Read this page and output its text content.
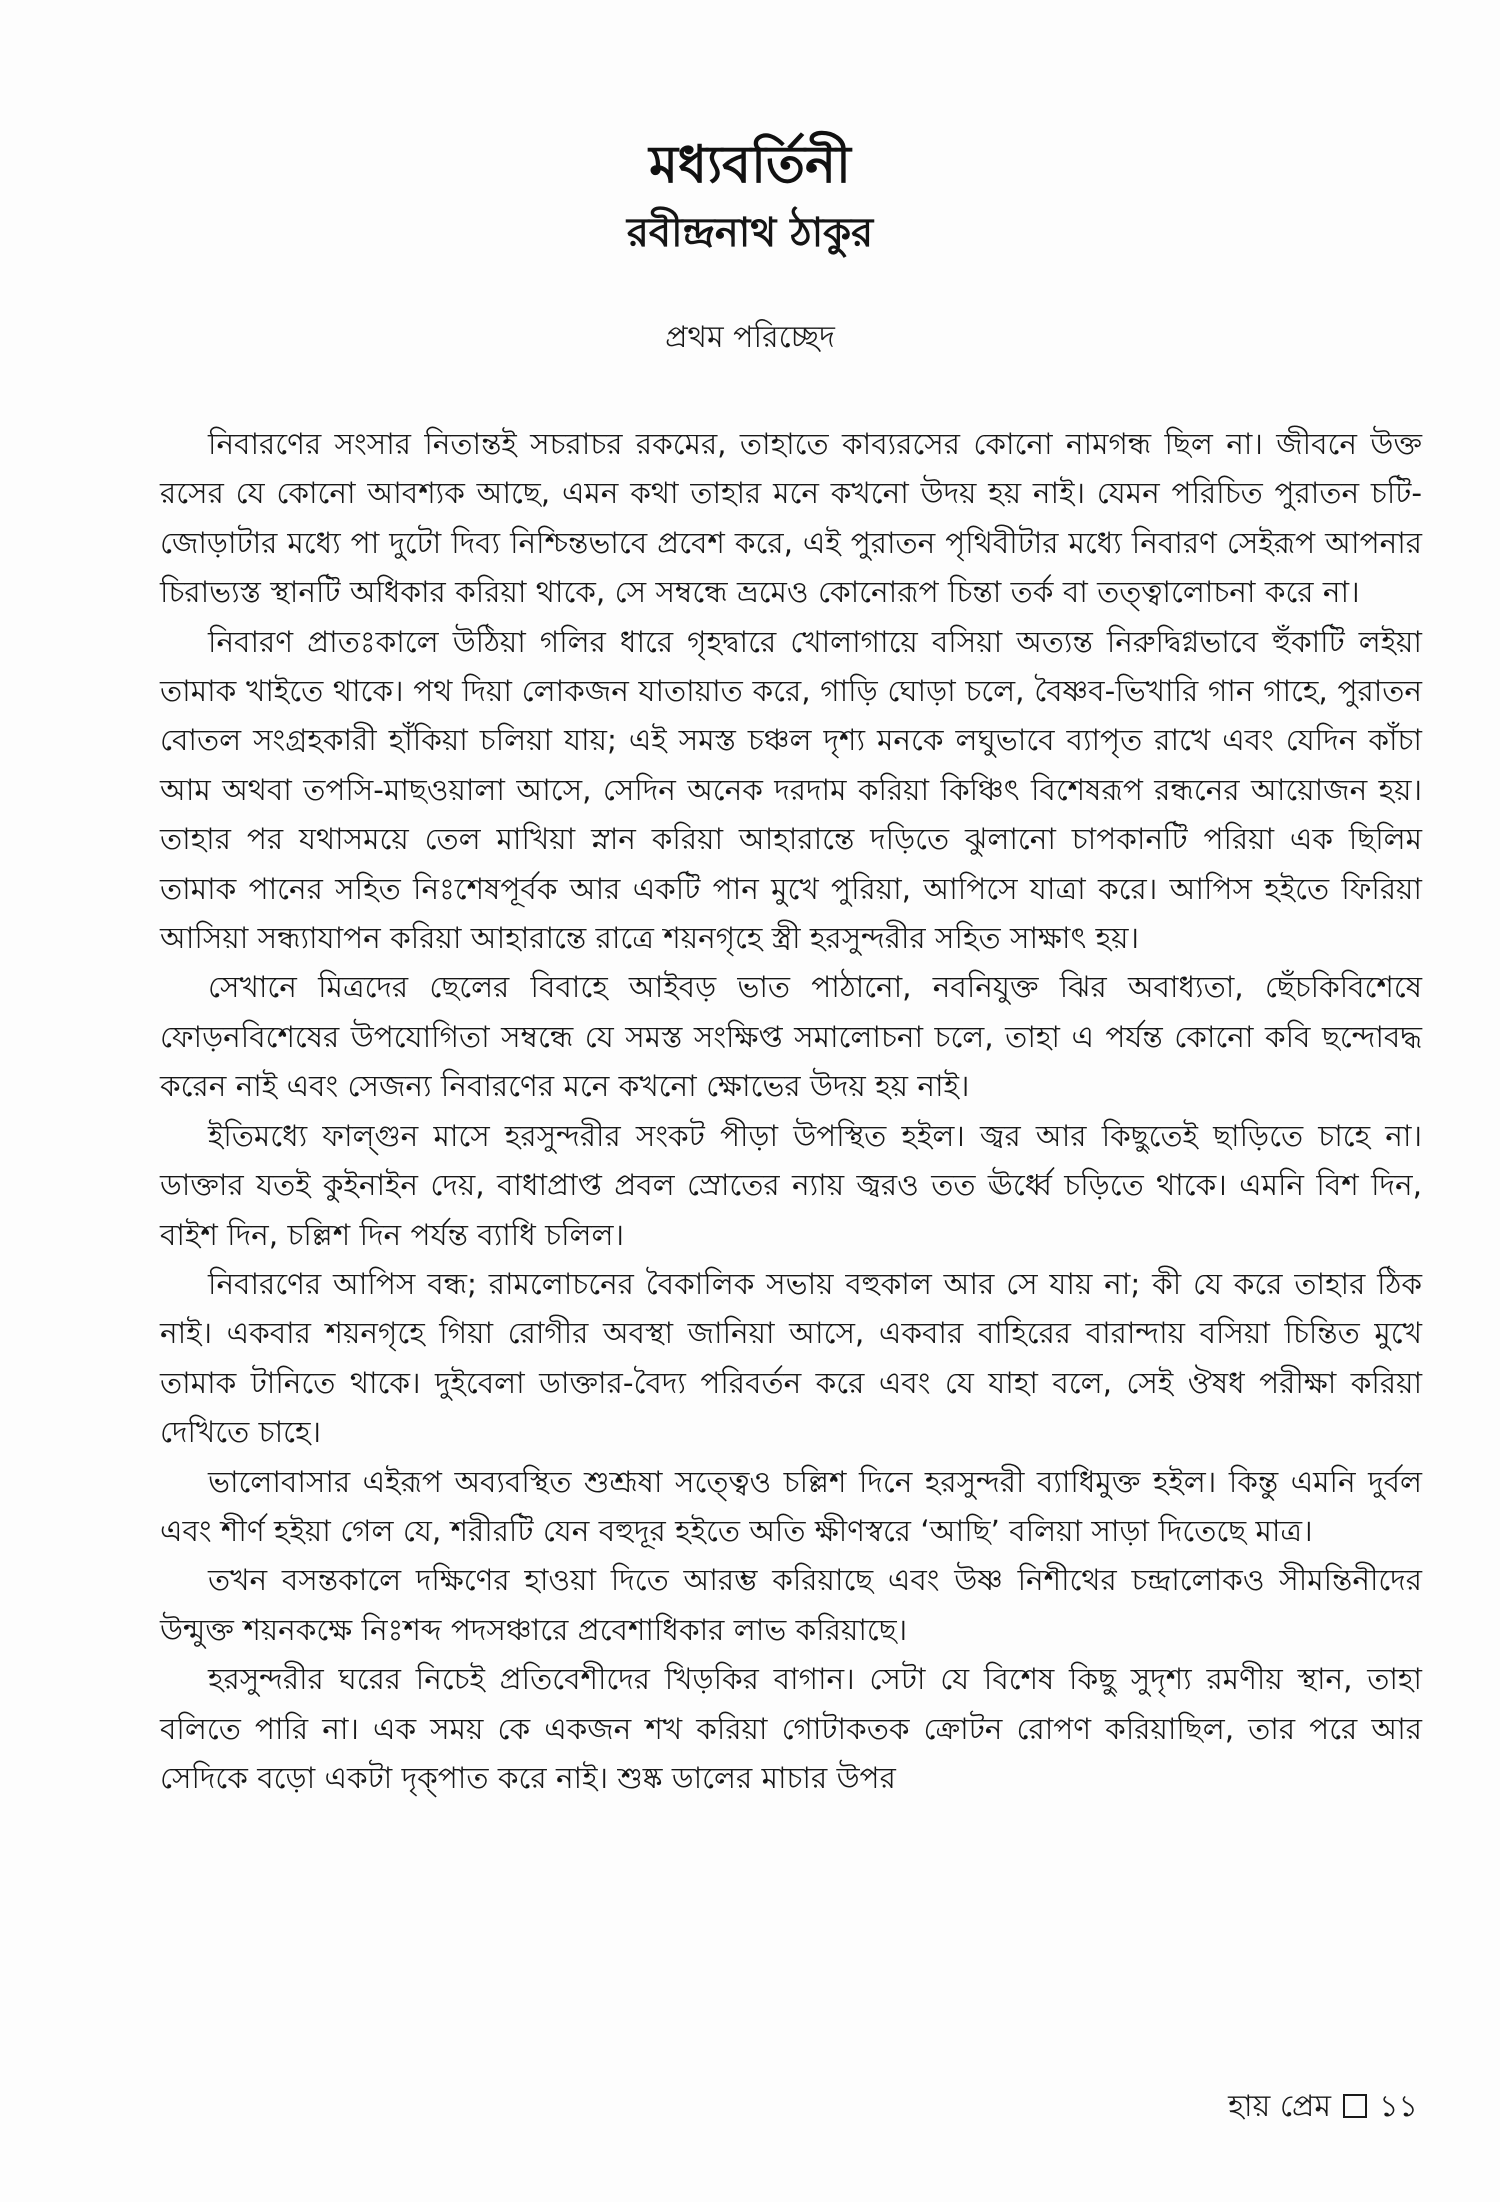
মধ্যবর্তিনী
রবীন্দ্রনাথ ঠাকুর
প্রথম পরিচ্ছেদ

নিবারণের সংসার নিতান্তই সচরাচর রকমের, তাহাতে কাব্যরসের কোনো নামগন্ধ ছিল না। জীবনে উক্ত রসের যে কোনো আবশ্যক আছে, এমন কথা তাহার মনে কখনো উদয় হয় নাই। যেমন পরিচিত পুরাতন চটি-জোড়াটার মধ্যে পা দুটো দিব্য নিশ্চিন্তভাবে প্রবেশ করে, এই পুরাতন পৃথিবীটার মধ্যে নিবারণ সেইরূপ আপনার চিরাভ্যস্ত স্থানটি অধিকার করিয়া থাকে, সে সম্বন্ধে ভ্রমেও কোনোরূপ চিন্তা তর্ক বা তত্ত্বালোচনা করে না।

নিবারণ প্রাতঃকালে উঠিয়া গলির ধারে গৃহদ্বারে খোলাগায়ে বসিয়া অত্যন্ত নিরুদ্বিগ্নভাবে হুঁকাটি লইয়া তামাক খাইতে থাকে। পথ দিয়া লোকজন যাতায়াত করে, গাড়ি ঘোড়া চলে, বৈষ্ণব-ভিখারি গান গাহে, পুরাতন বোতল সংগ্রহকারী হাঁকিয়া চলিয়া যায়; এই সমস্ত চঞ্চল দৃশ্য মনকে লঘুভাবে ব্যাপৃত রাখে এবং যেদিন কাঁচা আম অথবা তপসি-মাছওয়ালা আসে, সেদিন অনেক দরদাম করিয়া কিঞ্চিৎ বিশেষরূপ রন্ধনের আয়োজন হয়। তাহার পর যথাসময়ে তেল মাখিয়া স্নান করিয়া আহারান্তে দড়িতে ঝুলানো চাপকানটি পরিয়া এক ছিলিম তামাক পানের সহিত নিঃশেষপূর্বক আর একটি পান মুখে পুরিয়া, আপিসে যাত্রা করে। আপিস হইতে ফিরিয়া আসিয়া সন্ধ্যাযাপন করিয়া আহারান্তে রাত্রে শয়নগৃহে স্ত্রী হরসুন্দরীর সহিত সাক্ষাৎ হয়।

সেখানে মিত্রদের ছেলের বিবাহে আইবড় ভাত পাঠানো, নবনিযুক্ত ঝির অবাধ্যতা, ছেঁচকিবিশেষে ফোড়নবিশেষের উপযোগিতা সম্বন্ধে যে সমস্ত সংক্ষিপ্ত সমালোচনা চলে, তাহা এ পর্যন্ত কোনো কবি ছন্দোবদ্ধ করেন নাই এবং সেজন্য নিবারণের মনে কখনো ক্ষোভের উদয় হয় নাই।

ইতিমধ্যে ফাল্গুন মাসে হরসুন্দরীর সংকট পীড়া উপস্থিত হইল। জ্বর আর কিছুতেই ছাড়িতে চাহে না। ডাক্তার যতই কুইনাইন দেয়, বাধাপ্রাপ্ত প্রবল স্রোতের ন্যায় জ্বরও তত ঊর্ধ্বে চড়িতে থাকে। এমনি বিশ দিন, বাইশ দিন, চল্লিশ দিন পর্যন্ত ব্যাধি চলিল।

নিবারণের আপিস বন্ধ; রামলোচনের বৈকালিক সভায় বহুকাল আর সে যায় না; কী যে করে তাহার ঠিক নাই। একবার শয়নগৃহে গিয়া রোগীর অবস্থা জানিয়া আসে, একবার বাহিরের বারান্দায় বসিয়া চিন্তিত মুখে তামাক টানিতে থাকে। দুইবেলা ডাক্তার-বৈদ্য পরিবর্তন করে এবং যে যাহা বলে, সেই ঔষধ পরীক্ষা করিয়া দেখিতে চাহে।

ভালোবাসার এইরূপ অব্যবস্থিত শুশ্রূষা সত্ত্বেও চল্লিশ দিনে হরসুন্দরী ব্যাধিমুক্ত হইল। কিন্তু এমনি দুর্বল এবং শীর্ণ হইয়া গেল যে, শরীরটি যেন বহুদূর হইতে অতি ক্ষীণস্বরে ‘আছি’ বলিয়া সাড়া দিতেছে মাত্র।

তখন বসন্তকালে দক্ষিণের হাওয়া দিতে আরম্ভ করিয়াছে এবং উষ্ণ নিশীথের চন্দ্রালোকও সীমন্তিনীদের উন্মুক্ত শয়নকক্ষে নিঃশব্দ পদসঞ্চারে প্রবেশাধিকার লাভ করিয়াছে।

হরসুন্দরীর ঘরের নিচেই প্রতিবেশীদের খিড়কির বাগান। সেটা যে বিশেষ কিছু সুদৃশ্য রমণীয় স্থান, তাহা বলিতে পারি না। এক সময় কে একজন শখ করিয়া গোটাকতক ক্রোটন রোপণ করিয়াছিল, তার পরে আর সেদিকে বড়ো একটা দৃক্‌পাত করে নাই। শুষ্ক ডালের মাচার উপর

হায় প্রেম ১১
